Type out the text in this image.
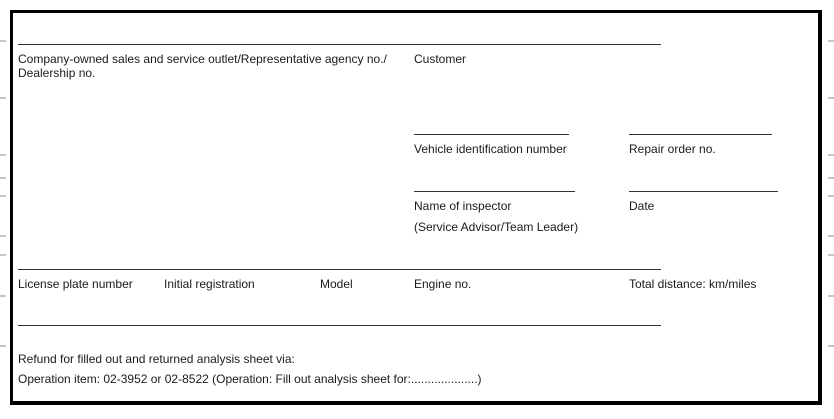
Company-owned sales and service outlet/Representative agency no./
Dealership no.
Customer
Vehicle identification number	Repair order no.
Name of inspector	Date
(Service Advisor/Team Leader)
License plate number	Initial registration	Model	Engine no.	Total distance: km/miles
Refund for filled out and returned analysis sheet via:
Operation item: 02-3952 or 02-8522 (Operation: Fill out analysis sheet for:....................)
